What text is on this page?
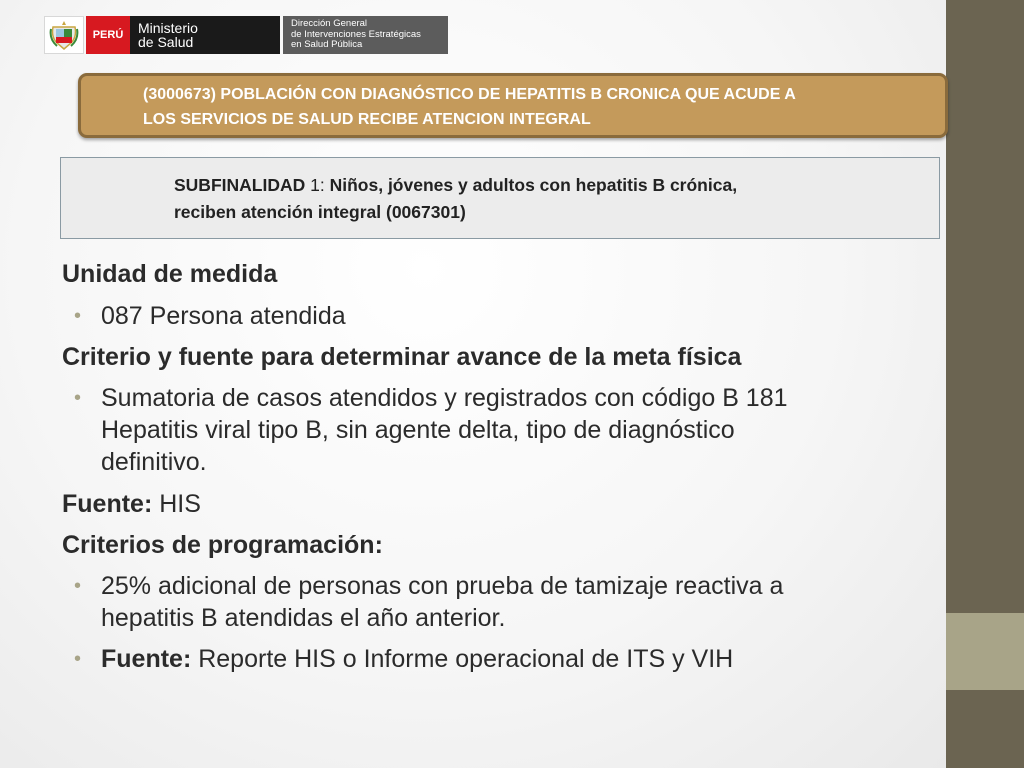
PERÚ	Ministerio
de Salud
Dirección General
de Intervenciones Estratégicas
en Salud Pública
(3000673) POBLACIÓN CON DIAGNÓSTICO DE HEPATITIS B CRONICA QUE ACUDE A
LOS SERVICIOS DE SALUD RECIBE ATENCION INTEGRAL
SUBFINALIDAD 1: Niños, jóvenes y adultos con hepatitis B crónica,
reciben atención integral (0067301)

Unidad de medida

• 087 Persona atendida

Criterio y fuente para determinar avance de la meta física

• Sumatoria de casos atendidos y registrados con código B 181
Hepatitis viral tipo B, sin agente delta, tipo de diagnóstico
definitivo.

Fuente: HIS

Criterios de programación:

• 25% adicional de personas con prueba de tamizaje reactiva a
hepatitis B atendidas el año anterior.

• Fuente: Reporte HIS o Informe operacional de ITS y VIH
